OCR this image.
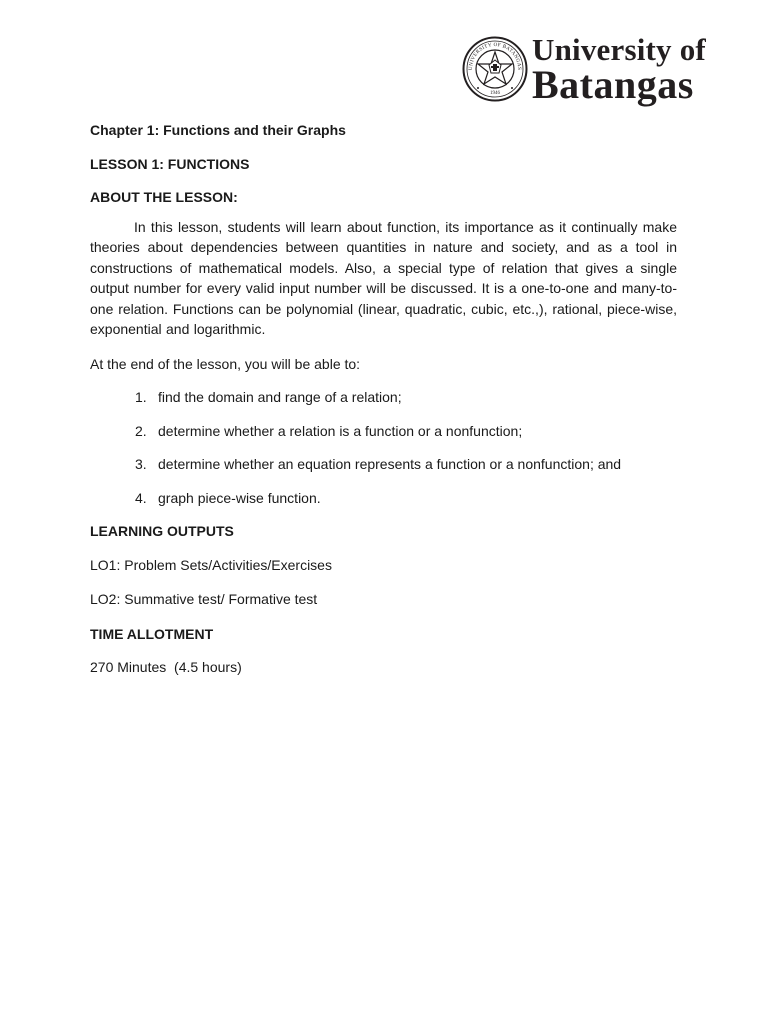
UNIVERSITY OF BATANGAS
1946
University of
Batangas

Chapter 1: Functions and their Graphs

LESSON 1: FUNCTIONS

ABOUT THE LESSON:

In this lesson, students will learn about function, its importance as it continually make theories about dependencies between quantities in nature and society, and as a tool in constructions of mathematical models. Also, a special type of relation that gives a single output number for every valid input number will be discussed. It is a one-to-one and many-to-one relation. Functions can be polynomial (linear, quadratic, cubic, etc.,), rational, piece-wise, exponential and logarithmic.

At the end of the lesson, you will be able to:

1. find the domain and range of a relation;
2. determine whether a relation is a function or a nonfunction;
3. determine whether an equation represents a function or a nonfunction; and
4. graph piece-wise function.

LEARNING OUTPUTS

LO1: Problem Sets/Activities/Exercises

LO2: Summative test/ Formative test

TIME ALLOTMENT

270 Minutes  (4.5 hours)
